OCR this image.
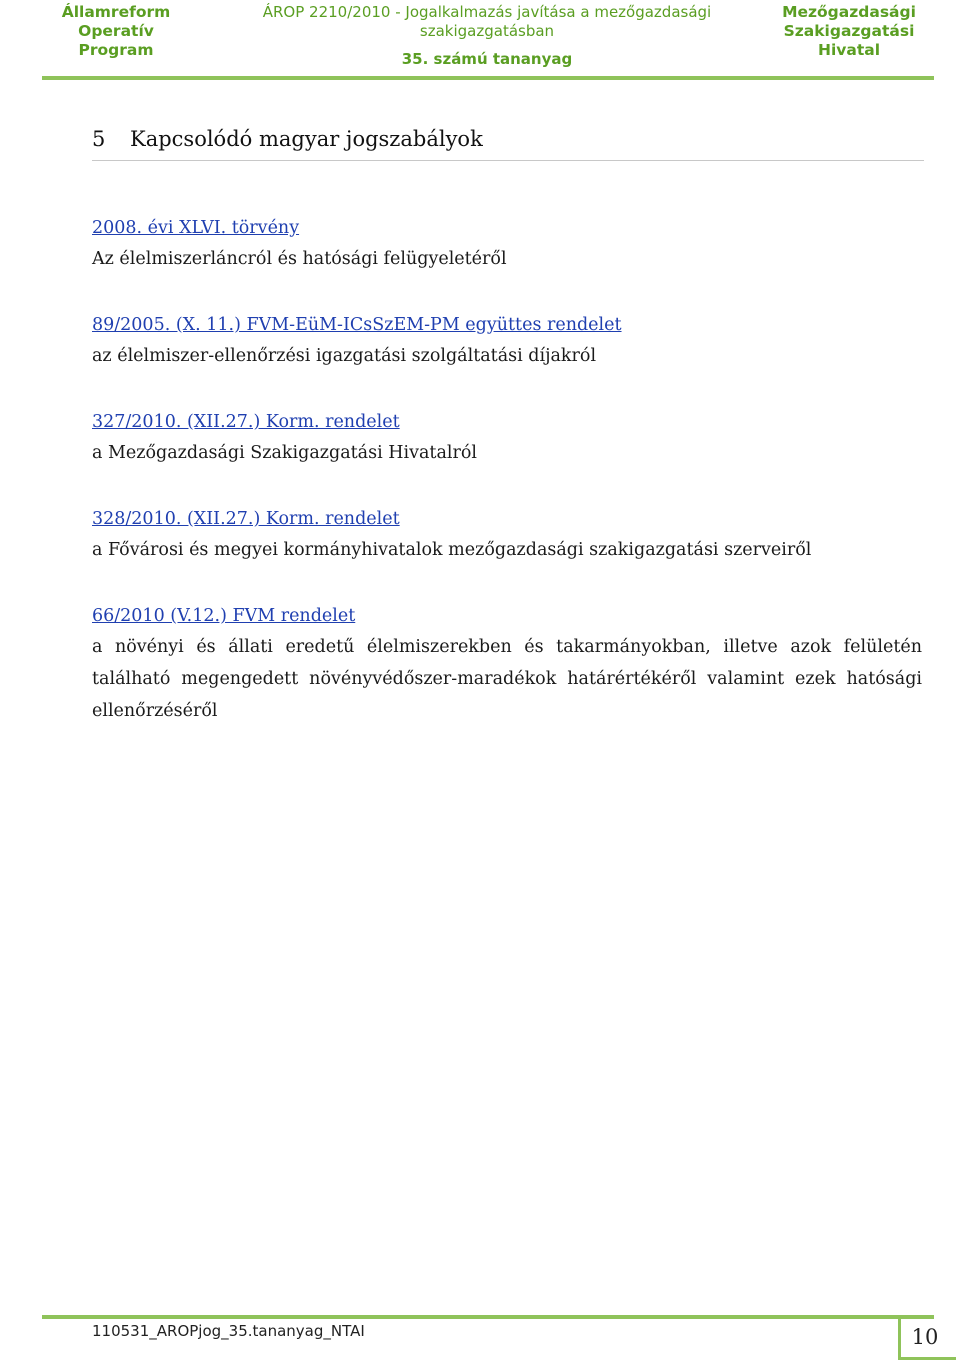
Államreform
Operatív
Program
ÁROP 2210/2010 - Jogalkalmazás javítása a mezőgazdasági
szakigazgatásban
35. számú tananyag
Mezőgazdasági
Szakigazgatási
Hivatal
5 Kapcsolódó magyar jogszabályok
2008. évi XLVI. törvény
Az élelmiszerláncról és hatósági felügyeletéről
89/2005. (X. 11.) FVM-EüM-ICsSzEM-PM együttes rendelet
az élelmiszer-ellenőrzési igazgatási szolgáltatási díjakról
327/2010. (XII.27.) Korm. rendelet
a Mezőgazdasági Szakigazgatási Hivatalról
328/2010. (XII.27.) Korm. rendelet
a Fővárosi és megyei kormányhivatalok mezőgazdasági szakigazgatási szerveiről
66/2010 (V.12.) FVM rendelet
a növényi és állati eredetű élelmiszerekben és takarmányokban, illetve azok felületén található megengedett növényvédőszer-maradékok határértékéről valamint ezek hatósági ellenőrzéséről
110531_AROPjog_35.tananyag_NTAI	10
